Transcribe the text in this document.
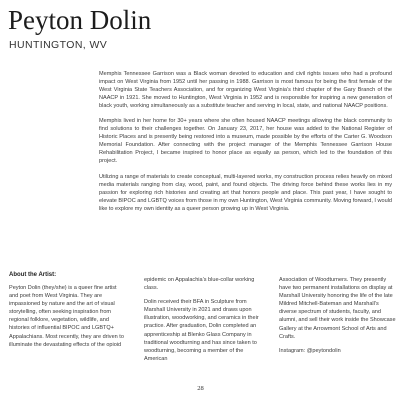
Peyton Dolin
HUNTINGTON, WV

Memphis Tennessee Garrison was a Black woman devoted to education and civil rights issues who had a profound impact on West Virginia from 1952 until her passing in 1988. Garrison is most famous for being the first female of the West Virginia State Teachers Association, and for organizing West Virginia’s third chapter of the Gary Branch of the NAACP in 1921. She moved to Huntington, West Virginia in 1952 and is responsible for inspiring a new generation of black youth, working simultaneously as a substitute teacher and serving in local, state, and national NAACP positions.

Memphis lived in her home for 30+ years where she often housed NAACP meetings allowing the black community to find solutions to their challenges together. On January 23, 2017, her house was added to the National Register of Historic Places and is presently being restored into a museum, made possible by the efforts of the Carter G. Woodson Memorial Foundation. After connecting with the project manager of the Memphis Tennessee Garrison House Rehabilitation Project, I became inspired to honor place as equally as person, which led to the foundation of this project.

Utilizing a range of materials to create conceptual, multi-layered works, my construction process relies heavily on mixed media materials ranging from clay, wood, paint, and found objects. The driving force behind these works lies in my passion for exploring rich histories and creating art that honors people and place. This past year, I have sought to elevate BIPOC and LGBTQ voices from those in my own Huntington, West Virginia community. Moving forward, I would like to explore my own identity as a queer person growing up in West Virginia.

About the Artist:

Peyton Dolin (they/she) is a queer fine artist and poet from West Virginia. They are impassioned by nature and the art of visual storytelling, often seeking inspiration from regional folklore, vegetation, wildlife, and histories of influential BIPOC and LGBTQ+ Appalachians. Most recently, they are driven to illuminate the devastating effects of the opioid

epidemic on Appalachia’s blue-collar working class.

Dolin received their BFA in Sculpture from Marshall University in 2021 and draws upon illustration, woodworking, and ceramics in their practice. After graduation, Dolin completed an apprenticeship at Blenko Glass Company in traditional woodturning and has since taken to woodturning, becoming a member of the American

Association of Woodturners. They presently have two permanent installations on display at Marshall University honoring the life of the late Mildred Mitchell-Bateman and Marshall’s diverse spectrum of students, faculty, and alumni, and sell their work inside the Showcase Gallery at the Arrowmont School of Arts and Crafts.

Instagram: @peytondolin

28
